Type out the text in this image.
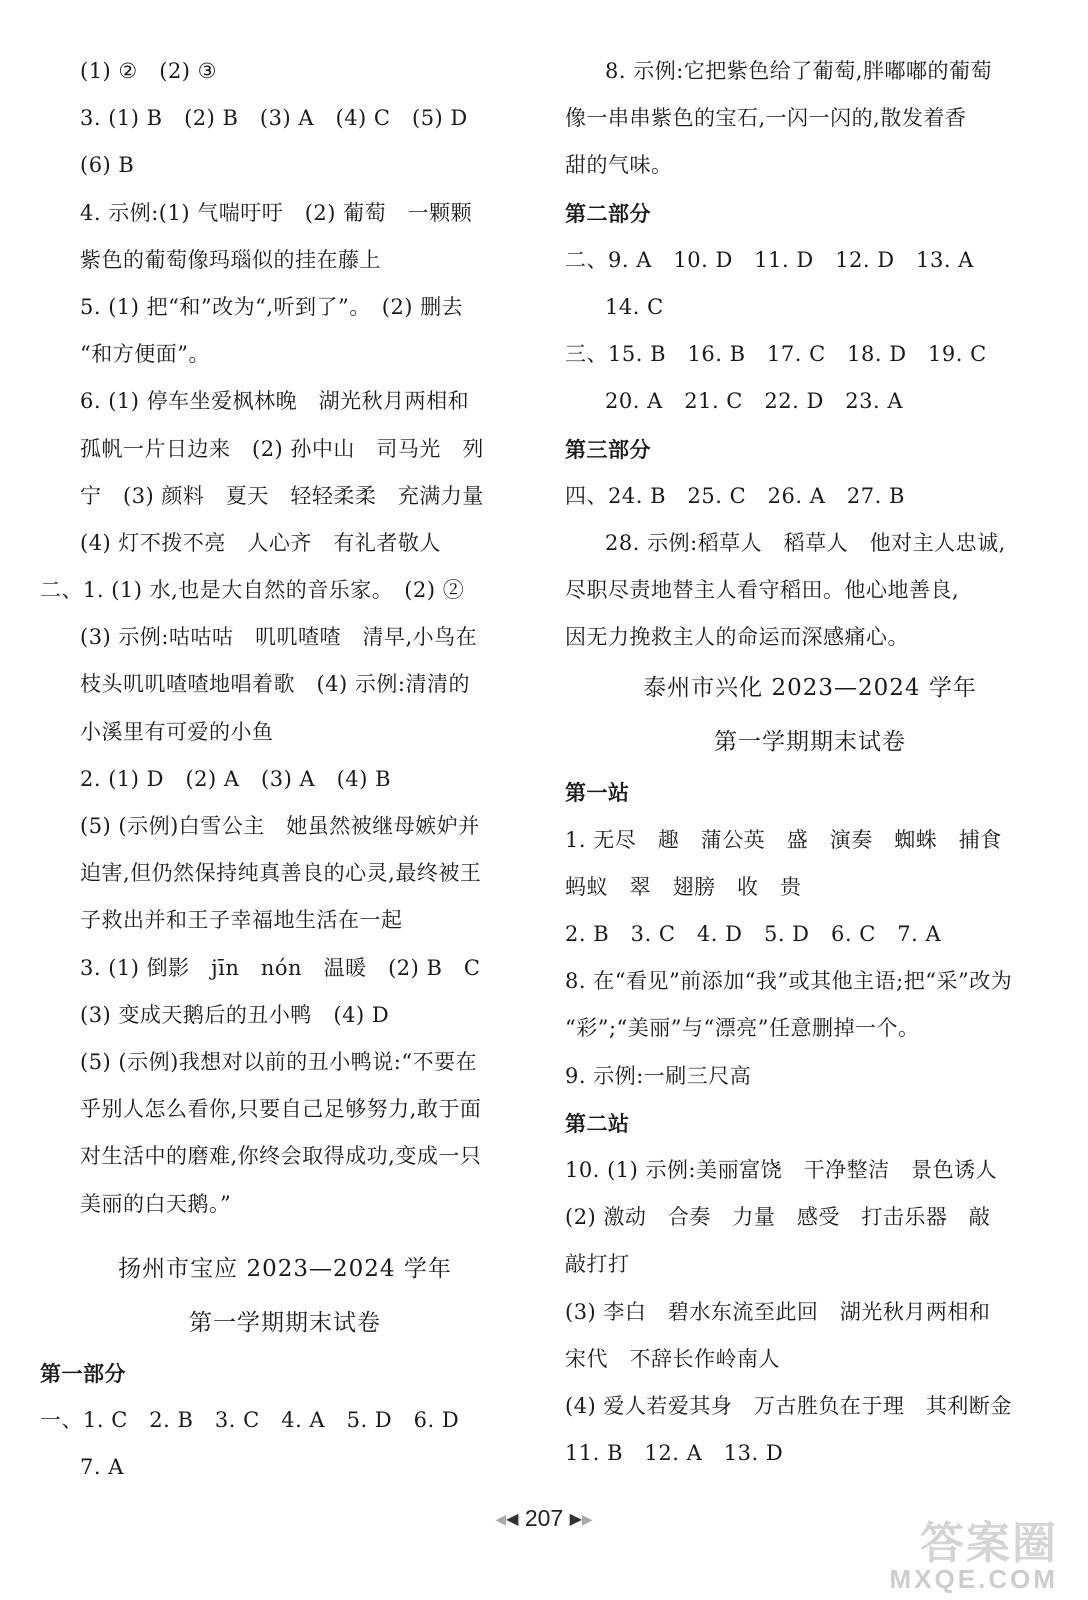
(1) ②　(2) ③
3. (1) B　(2) B　(3) A　(4) C　(5) D
(6) B
4. 示例:(1) 气喘吁吁　(2) 葡萄　一颗颗
紫色的葡萄像玛瑙似的挂在藤上
5. (1) 把“和”改为“,听到了”。　(2) 删去
“和方便面”。
6. (1) 停车坐爱枫林晚　湖光秋月两相和
孤帆一片日边来　(2) 孙中山　司马光　列
宁　(3) 颜料　夏天　轻轻柔柔　充满力量
(4) 灯不拨不亮　人心齐　有礼者敬人
二、1. (1) 水,也是大自然的音乐家。　(2) ②
(3) 示例:咕咕咕　叽叽喳喳　清早,小鸟在
枝头叽叽喳喳地唱着歌　(4) 示例:清清的
小溪里有可爱的小鱼
2. (1) D　(2) A　(3) A　(4) B
(5) (示例)白雪公主　她虽然被继母嫉妒并
迫害,但仍然保持纯真善良的心灵,最终被王
子救出并和王子幸福地生活在一起
3. (1) 倒影　jīn　nón　温暖　(2) B　C
(3) 变成天鹅后的丑小鸭　(4) D
(5) (示例)我想对以前的丑小鸭说:“不要在
乎别人怎么看你,只要自己足够努力,敢于面
对生活中的磨难,你终会取得成功,变成一只
美丽的白天鹅。”
扬州市宝应 2023—2024 学年
第一学期期末试卷
第一部分
一、1. C　2. B　3. C　4. A　5. D　6. D
7. A
8. 示例:它把紫色给了葡萄,胖嘟嘟的葡萄
像一串串紫色的宝石,一闪一闪的,散发着香
甜的气味。
第二部分
二、9. A　10. D　11. D　12. D　13. A
14. C
三、15. B　16. B　17. C　18. D　19. C
20. A　21. C　22. D　23. A
第三部分
四、24. B　25. C　26. A　27. B
28. 示例:稻草人　稻草人　他对主人忠诚,
尽职尽责地替主人看守稻田。他心地善良,
因无力挽救主人的命运而深感痛心。
泰州市兴化 2023—2024 学年
第一学期期末试卷
第一站
1. 无尽　趣　蒲公英　盛　演奏　蜘蛛　捕食
蚂蚁　翠　翅膀　收　贵
2. B　3. C　4. D　5. D　6. C　7. A
8. 在“看见”前添加“我”或其他主语;把“采”改为
“彩”;“美丽”与“漂亮”任意删掉一个。
9. 示例:一刷三尺高
第二站
10. (1) 示例:美丽富饶　干净整洁　景色诱人
(2) 激动　合奏　力量　感受　打击乐器　敲
敲打打
(3) 李白　碧水东流至此回　湖光秋月两相和
宋代　不辞长作岭南人
(4) 爱人若爱其身　万古胜负在于理　其利断金
11. B　12. A　13. D
◀◀ 207 ▶▶	答案圈
MXQE.COM
